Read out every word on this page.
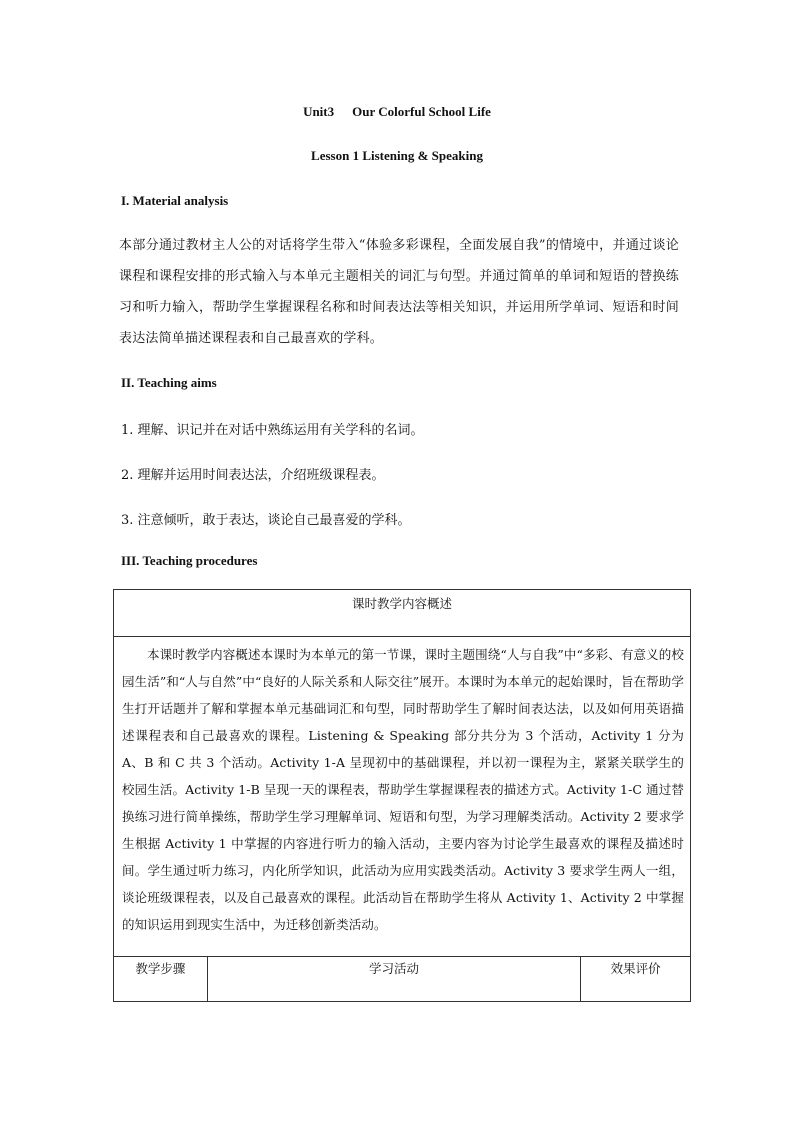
Unit3 Our Colorful School Life
Lesson 1 Listening & Speaking
I. Material analysis
本部分通过教材主人公的对话将学生带入“体验多彩课程，全面发展自我”的情境中，并通过谈论课程和课程安排的形式输入与本单元主题相关的词汇与句型。并通过简单的单词和短语的替换练习和听力输入，帮助学生掌握课程名称和时间表达法等相关知识，并运用所学单词、短语和时间表达法简单描述课程表和自己最喜欢的学科。
II. Teaching aims
1. 理解、识记并在对话中熟练运用有关学科的名词。
2. 理解并运用时间表达法，介绍班级课程表。
3. 注意倾听，敢于表达，谈论自己最喜爱的学科。
III. Teaching procedures
课时教学内容概述
本课时教学内容概述本课时为本单元的第一节课，课时主题围绕“人与自我”中“多彩、有意义的校园生活”和“人与自然”中“良好的人际关系和人际交往”展开。本课时为本单元的起始课时，旨在帮助学生打开话题并了解和掌握本单元基础词汇和句型，同时帮助学生了解时间表达法，以及如何用英语描述课程表和自己最喜欢的课程。Listening & Speaking 部分共分为 3 个活动，Activity 1 分为 A、B 和 C 共 3 个活动。Activity 1-A 呈现初中的基础课程，并以初一课程为主，紧紧关联学生的校园生活。Activity 1-B 呈现一天的课程表，帮助学生掌握课程表的描述方式。Activity 1-C 通过替换练习进行简单操练，帮助学生学习理解单词、短语和句型，为学习理解类活动。Activity 2 要求学生根据 Activity 1 中掌握的内容进行听力的输入活动，主要内容为讨论学生最喜欢的课程及描述时间。学生通过听力练习，内化所学知识，此活动为应用实践类活动。Activity 3 要求学生两人一组，谈论班级课程表，以及自己最喜欢的课程。此活动旨在帮助学生将从 Activity 1、Activity 2 中掌握的知识运用到现实生活中，为迁移创新类活动。
教学步骤	学习活动	效果评价
